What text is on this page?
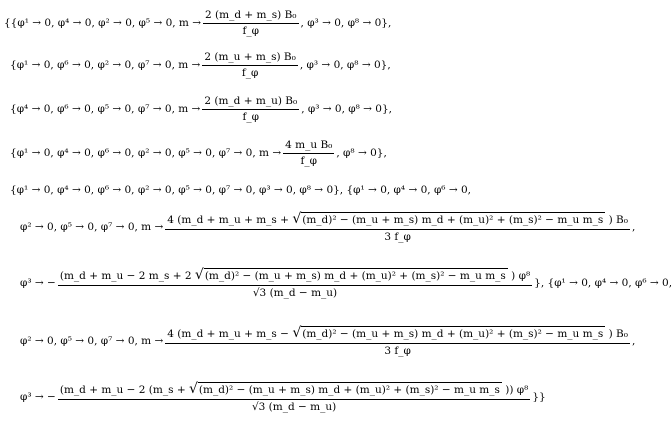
{{ φ¹ → 0, φ⁴ → 0, φ² → 0, φ⁵ → 0, $m \to \frac{\text{2 (m\_d + m\_s) B₀}}{f\_\varphi}$ , φ³ → 0, φ⁸ → 0},
{ φ¹ → 0, φ⁶ → 0, φ² → 0, φ⁷ → 0, $m \to \frac{\text{2 (m\_u + m\_s) B₀}}{f\_\varphi}$ , φ³ → 0, φ⁸ → 0},
{ φ⁴ → 0, φ⁶ → 0, φ⁵ → 0, φ⁷ → 0, $m \to \frac{\text{2 (m\_d + m\_u) B₀}}{f\_\varphi}$ , φ³ → 0, φ⁸ → 0},
{ φ¹ → 0, φ⁴ → 0, φ⁶ → 0, φ² → 0, φ⁵ → 0, φ⁷ → 0, $m \to \frac{\text{4 m\_u B₀}}{f\_\varphi}$ , φ⁸ → 0},
{φ¹ → 0, φ⁴ → 0, φ⁶ → 0, φ² → 0, φ⁵ → 0, φ⁷ → 0, φ³ → 0, φ⁸ → 0}, {φ¹ → 0, φ⁴ → 0, φ⁶ → 0,
φ² → 0, φ⁵ → 0, φ⁷ → 0, m →
4 (m_d + m_u + m_s + √(m_d)² − (m_u + m_s) m_d + (m_u)² + (m_s)² − m_u m_s ) B₀
3 f_φ
,
φ³ → −
(m_d + m_u − 2 m_s + 2 √(m_d)² − (m_u + m_s) m_d + (m_u)² + (m_s)² − m_u m_s ) φ⁸
√3 (m_d − m_u)
}, {φ¹ → 0, φ⁴ → 0, φ⁶ → 0,
φ² → 0, φ⁵ → 0, φ⁷ → 0, m →
4 (m_d + m_u + m_s − √(m_d)² − (m_u + m_s) m_d + (m_u)² + (m_s)² − m_u m_s ) B₀
3 f_φ
,
φ³ → −
(m_d + m_u − 2 (m_s + √(m_d)² − (m_u + m_s) m_d + (m_u)² + (m_s)² − m_u m_s )) φ⁸
√3 (m_d − m_u)
}}
